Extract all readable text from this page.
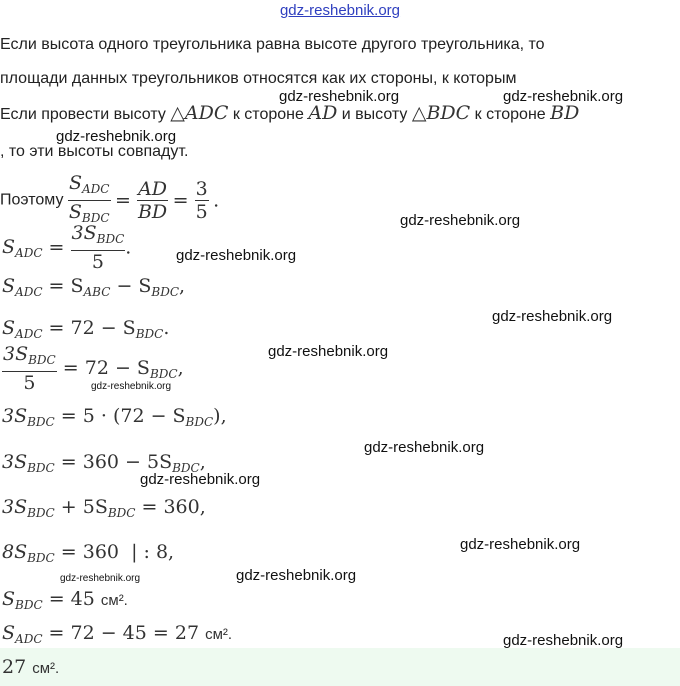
gdz-reshebnik.org
Если высота одного треугольника равна высоте другого треугольника, то
площади данных треугольников относятся как их стороны, к которым
Если провести высоту △ADC к стороне AD и высоту △BDC к стороне BD
, то эти высоты совпадут.
Поэтому $\frac{S_{ADC}}{S_{BDC}} = \frac{AD}{BD} = \frac{3}{5}$ .
$S_{ADC} = \frac{3S_{BDC}}{5}$ .
$S_{ADC} = S_{ABC} - S_{BDC}$,
$S_{ADC} = 72 - S_{BDC}$.
$\frac{3S_{BDC}}{5} = 72 - S_{BDC}$,
$3S_{BDC} = 5 \cdot (72 - S_{BDC})$,
$3S_{BDC} = 360 - 5S_{BDC}$,
$3S_{BDC} + 5S_{BDC} = 360$,
$8S_{BDC} = 360$  | : 8,
$S_{BDC} = 45$ см².
$S_{ADC} = 72 - 45 = 27$ см².
27 см².
gdz-reshebnik.org	gdz-reshebnik.org
gdz-reshebnik.org
gdz-reshebnik.org
gdz-reshebnik.org
gdz-reshebnik.org
gdz-reshebnik.org
gdz-reshebnik.org
gdz-reshebnik.org
gdz-reshebnik.org
gdz-reshebnik.org
gdz-reshebnik.org	gdz-reshebnik.org
gdz-reshebnik.org
